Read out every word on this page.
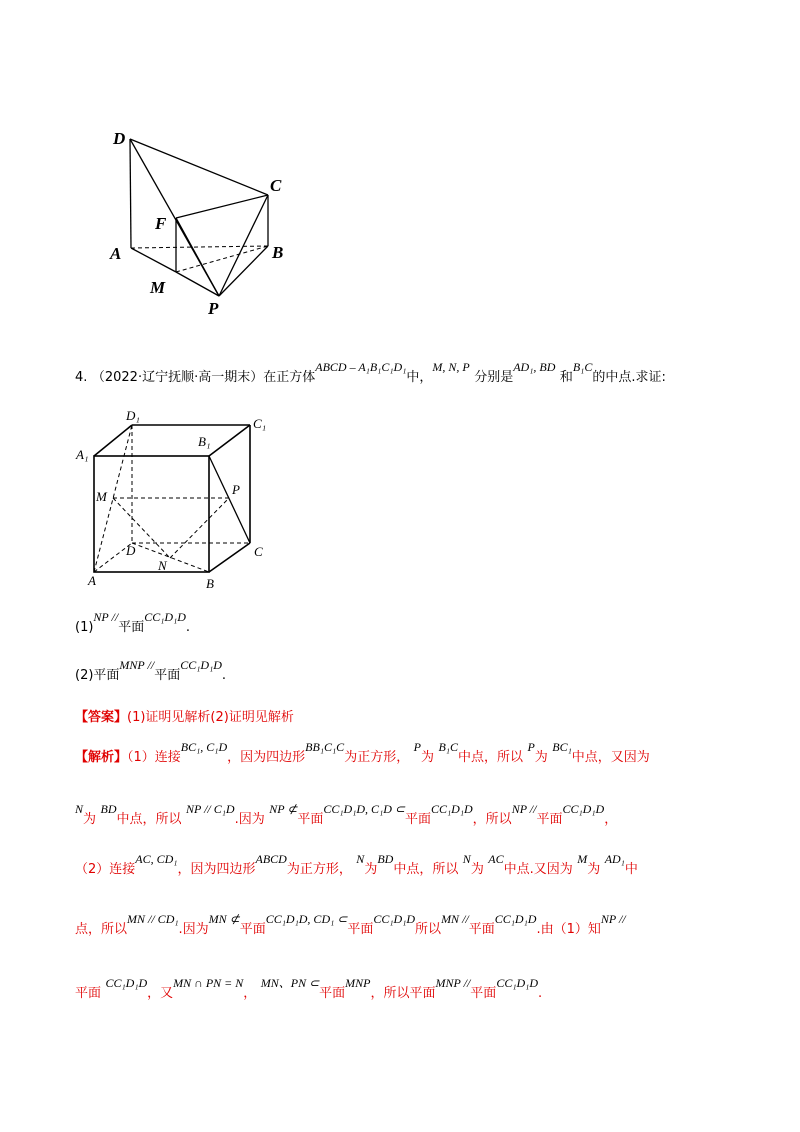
D
C
F
A	B
M
P
4. （2022·辽宁抚顺·高一期末）在正方体ABCD – A₁B₁C₁D₁中，M, N, P 分别是AD₁, BD 和B₁C的中点.求证:
D₁
C₁
A₁
B₁
M	P
D	C
N
A	B
(1)NP //平面CC₁D₁D.
(2)平面MNP //平面CC₁D₁D.
【答案】(1)证明见解析(2)证明见解析
【解析】（1）连接BC₁, C₁D，因为四边形BB₁C₁C为正方形， P为 B₁C中点，所以 P为 BC₁中点，又因为
N为 BD中点，所以 NP // C₁D.因为 NP ⊄平面CC₁D₁D, C₁D ⊂平面CC₁D₁D，所以NP //平面CC₁D₁D，
（2）连接AC, CD₁，因为四边形ABCD为正方形， N为BD中点，所以 N为 AC中点.又因为 M为 AD₁中
点，所以MN // CD₁.因为MN ⊄平面CC₁D₁D, CD₁ ⊂平面CC₁D₁D所以MN //平面CC₁D₁D.由（1）知NP //
平面 CC₁D₁D，又MN ∩ PN = N， MN、PN ⊂平面MNP，所以平面MNP //平面CC₁D₁D.
